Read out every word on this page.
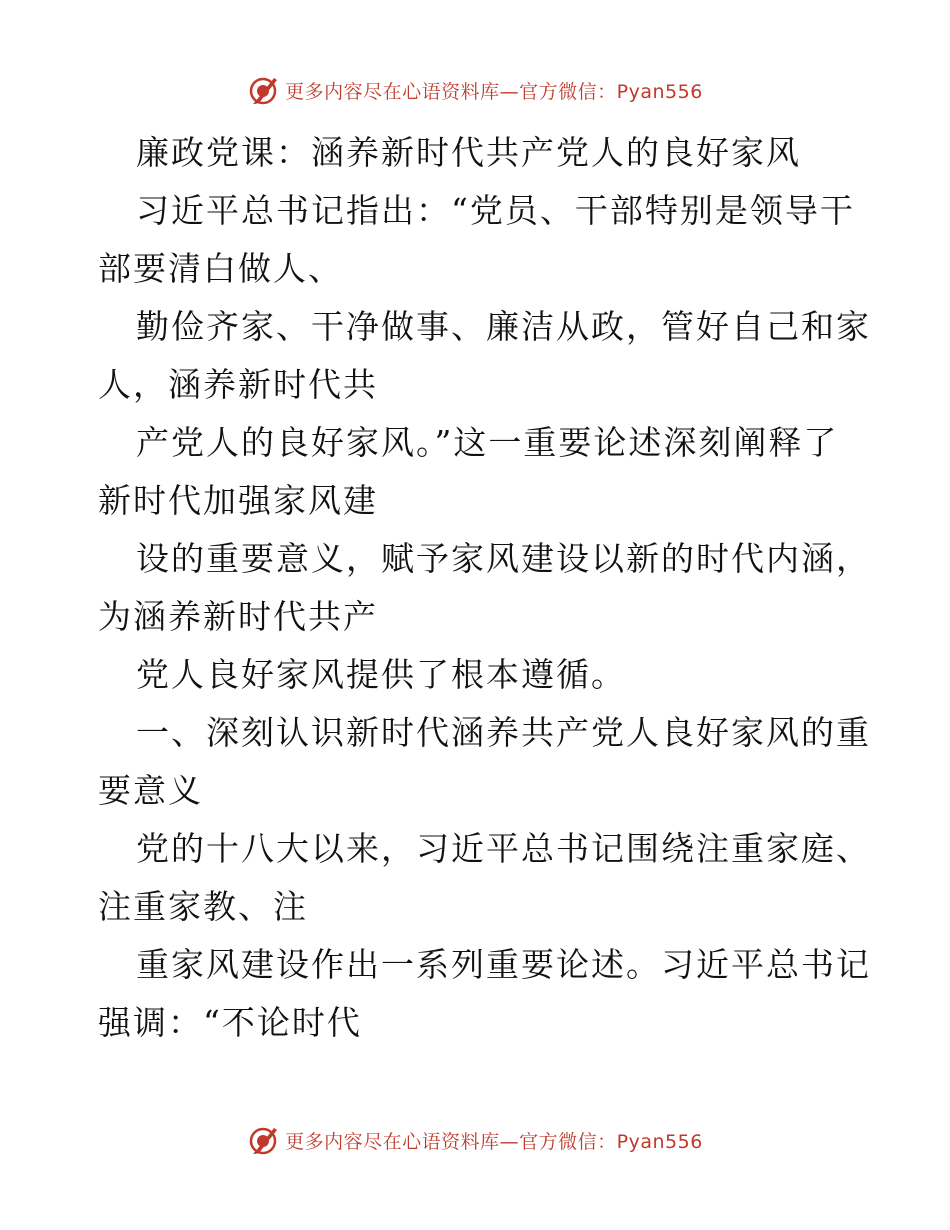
更多内容尽在心语资料库—官方微信：Pyan556
廉政党课：涵养新时代共产党人的良好家风
习近平总书记指出：“党员、干部特别是领导干
部要清白做人、
勤俭齐家、干净做事、廉洁从政，管好自己和家
人，涵养新时代共
产党人的良好家风。”这一重要论述深刻阐释了
新时代加强家风建
设的重要意义，赋予家风建设以新的时代内涵，
为涵养新时代共产
党人良好家风提供了根本遵循。
一、深刻认识新时代涵养共产党人良好家风的重
要意义
党的十八大以来，习近平总书记围绕注重家庭、
注重家教、注
重家风建设作出一系列重要论述。习近平总书记
强调：“不论时代
更多内容尽在心语资料库—官方微信：Pyan556
